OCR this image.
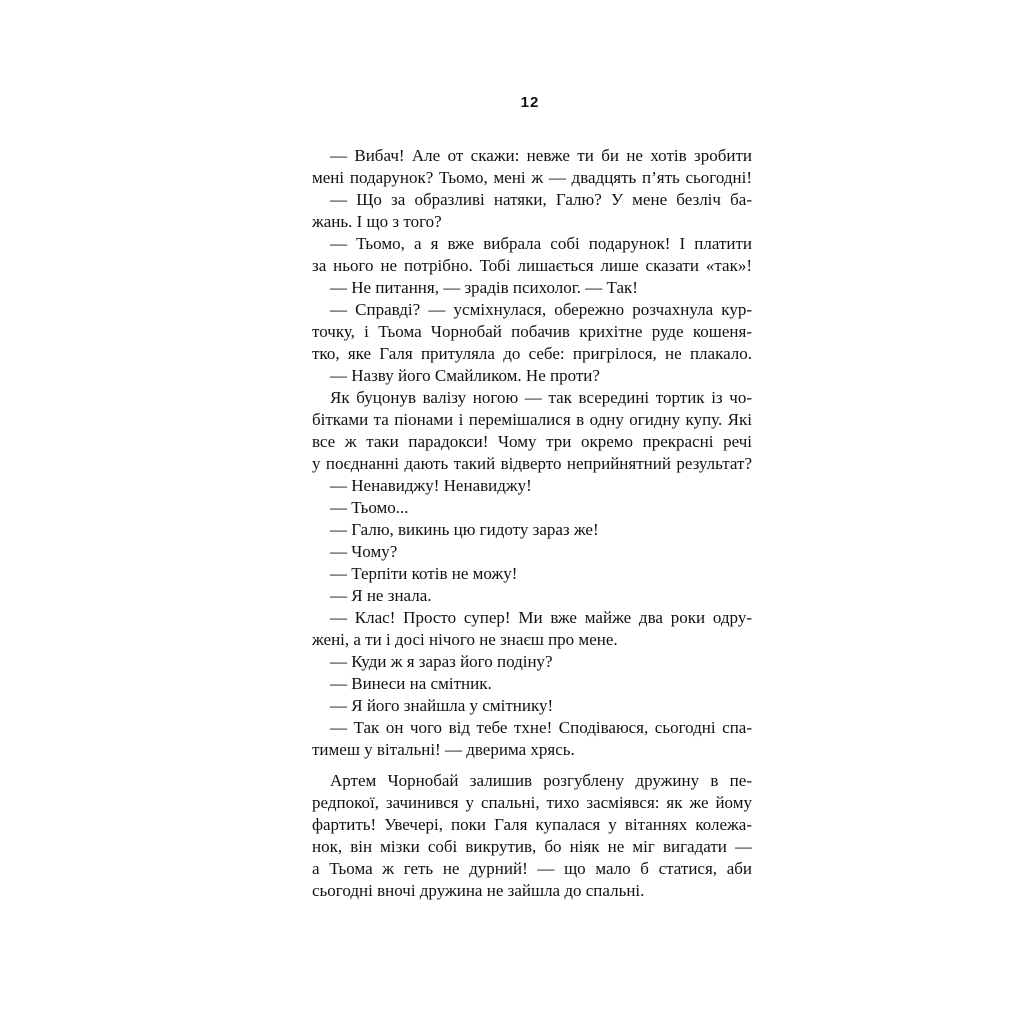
12
— Вибач! Але от скажи: невже ти би не хотів зробити
мені подарунок? Тьомо, мені ж — двадцять п’ять сьогодні!
— Що за образливі натяки, Галю? У мене безліч ба-
жань. І що з того?
— Тьомо, а я вже вибрала собі подарунок! І платити
за нього не потрібно. Тобі лишається лише сказати «так»!
— Не питання, — зрадів психолог. — Так!
— Справді? — усміхнулася, обережно розчахнула кур-
точку, і Тьома Чорнобай побачив крихітне руде кошеня-
тко, яке Галя притуляла до себе: пригрілося, не плакало.
— Назву його Смайликом. Не проти?
Як буцонув валізу ногою — так всередині тортик із чо-
бітками та піонами і перемішалися в одну огидну купу. Які
все ж таки парадокси! Чому три окремо прекрасні речі
у поєднанні дають такий відверто неприйнятний результат?
— Ненавиджу! Ненавиджу!
— Тьомо...
— Галю, викинь цю гидоту зараз же!
— Чому?
— Терпіти котів не можу!
— Я не знала.
— Клас! Просто супер! Ми вже майже два роки одру-
жені, а ти і досі нічого не знаєш про мене.
— Куди ж я зараз його подіну?
— Винеси на смітник.
— Я його знайшла у смітнику!
— Так он чого від тебе тхне! Сподіваюся, сьогодні спа-
тимеш у вітальні! — дверима хрясь.
Артем Чорнобай залишив розгублену дружину в пе-
редпокої, зачинився у спальні, тихо засміявся: як же йому
фартить! Увечері, поки Галя купалася у вітаннях колежа-
нок, він мізки собі викрутив, бо ніяк не міг вигадати —
а Тьома ж геть не дурний! — що мало б статися, аби
сьогодні вночі дружина не зайшла до спальні.
